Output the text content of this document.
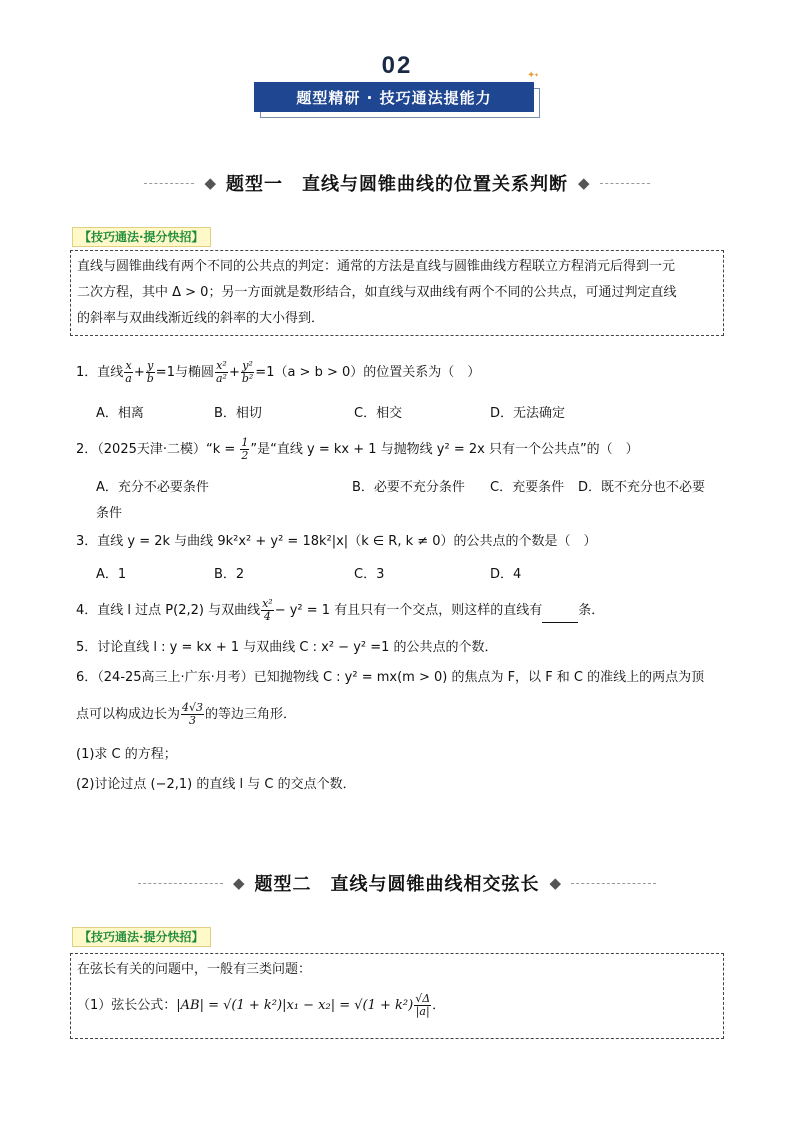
02	✦
✦
题型精研 · 技巧通法提能力
◆ 题型一　直线与圆锥曲线的位置关系判断 ◆
【技巧通法·提分快招】

直线与圆锥曲线有两个不同的公共点的判定：通常的方法是直线与圆锥曲线方程联立方程消元后得到一元

二次方程，其中 Δ > 0；另一方面就是数形结合，如直线与双曲线有两个不同的公共点，可通过判定直线

的斜率与双曲线渐近线的斜率的大小得到．

1．直线 $\frac{x}{a} + \frac{y}{b} =1$与椭圆 $\frac{\text{x²}}{\text{a²}} + \frac{\text{y²}}{\text{b²}} =1(a > b > 0)$的位置关系为（　）
A．相离	B．相切	C．相交	D．无法确定
2．（2025天津·二模）“k = $\frac{1}{2}$ ”是“直线 y = kx + 1 与抛物线 y² = 2x 只有一个公共点”的（　）
A．充分不必要条件	B．必要不充分条件 C．充要条件 D．既不充分也不必要
条件
3．直线 y = 2k 与曲线 9k²x² + y² = 18k²|x|（k ∈ R, k ≠ 0）的公共点的个数是（　）
A．1	B．2	C．3	D．4
4．直线 l 过点 P(2,2) 与双曲线 $\frac{\text{x²}}{4} - y^2 = 1$ 有且只有一个交点，则这样的直线有	条．
5．讨论直线 l : y = kx + 1 与双曲线 C : x² − y² =1 的公共点的个数．
6．（24-25高三上·广东·月考）已知抛物线 C : y² = mx(m > 0) 的焦点为 F，以 F 和 C 的准线上的两点为顶
点可以构成边长为 $\frac{4√3}{3}$ 的等边三角形．
(1)求 C 的方程；
(2)讨论过点 (−2,1) 的直线 l 与 C 的交点个数．
◆ 题型二　直线与圆锥曲线相交弦长 ◆
【技巧通法·提分快招】

在弦长有关的问题中，一般有三类问题：

（1）弦长公式：$|AB| = √(1 + k^2)|x_1 - x_2| = √(1 + k^2) \frac{√\Delta}{|a|}$ ．
